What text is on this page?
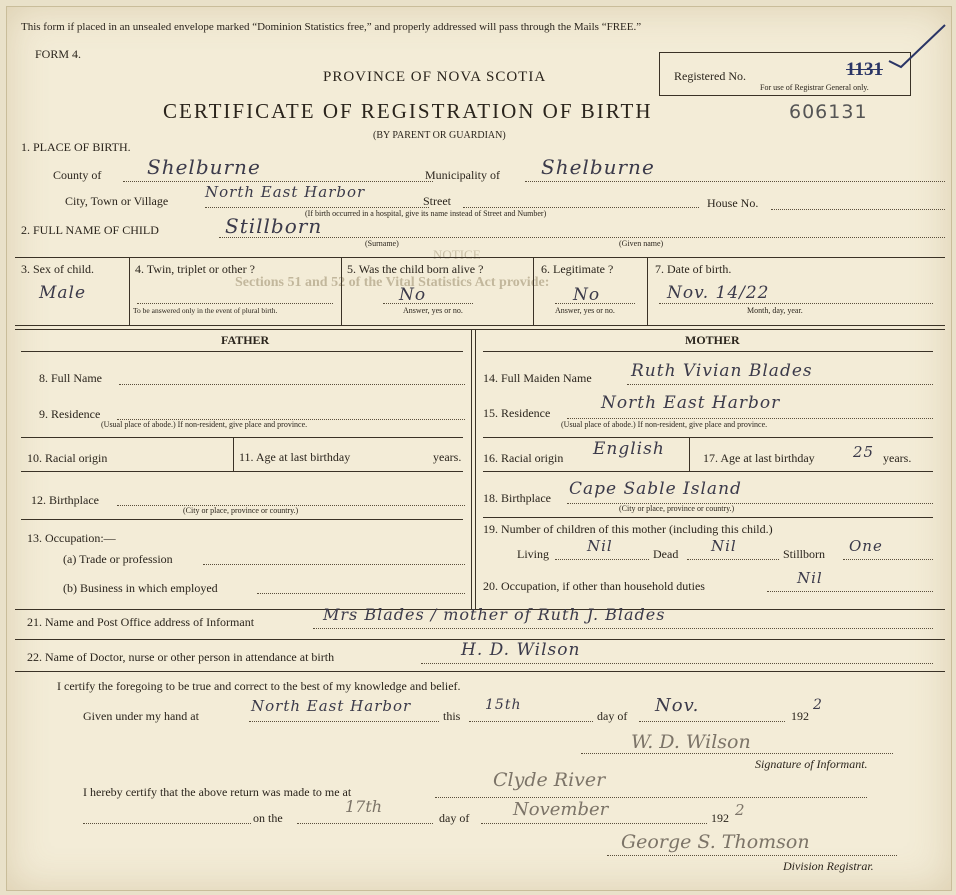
This form if placed in an unsealed envelope marked “Dominion Statistics free,” and properly addressed will pass through the Mails “FREE.”
FORM 4.
PROVINCE OF NOVA SCOTIA
CERTIFICATE OF REGISTRATION OF BIRTH
(BY PARENT OR GUARDIAN)
606131
Registered No.	1131
For use of Registrar General only.
NOTICE
Sections 51 and 52 of the Vital Statistics Act provide:
1. PLACE OF BIRTH.
County of Shelburne	Municipality of Shelburne
City, Town or Village North East Harbor	Street
(If birth occurred in a hospital, give its name instead of Street and Number)
House No.
2. FULL NAME OF CHILD	Stillborn
(Surname)	(Given name)
3. Sex of child.
Male
4. Twin, triplet or other ?
To be answered only in the event of plural birth.
5. Was the child born alive ?
No
Answer, yes or no.
6. Legitimate ?
No
Answer, yes or no.
7. Date of birth.
Nov. 14/22
Month, day, year.
FATHER	MOTHER
8. Full Name
9. Residence
(Usual place of abode.) If non-resident, give place and province.
10. Racial origin	11. Age at last birthday	years.
12. Birthplace
(City or place, province or country.)
13. Occupation:—
(a) Trade or profession
(b) Business in which employed
14. Full Maiden Name Ruth Vivian Blades
15. Residence	North East Harbor
(Usual place of abode.) If non-resident, give place and province.
16. Racial origin English	17. Age at last birthday	25 years.
18. Birthplace Cape Sable Island
(City or place, province or country.)
19. Number of children of this mother (including this child.)
Living	Nil	Dead Nil	Stillborn One
20. Occupation, if other than household duties	Nil
21. Name and Post Office address of Informant	Mrs Blades / mother of Ruth J. Blades
22. Name of Doctor, nurse or other person in attendance at birth	H. D. Wilson
I certify the foregoing to be true and correct to the best of my knowledge and belief.
Given under my hand at
North East Harbor
this
15th
day of Nov.	192
2
W. D. Wilson
Signature of Informant.
I hereby certify that the above return was made to me at
Clyde River
on the
17th
day of November	192 2
George S. Thomson
Division Registrar.
